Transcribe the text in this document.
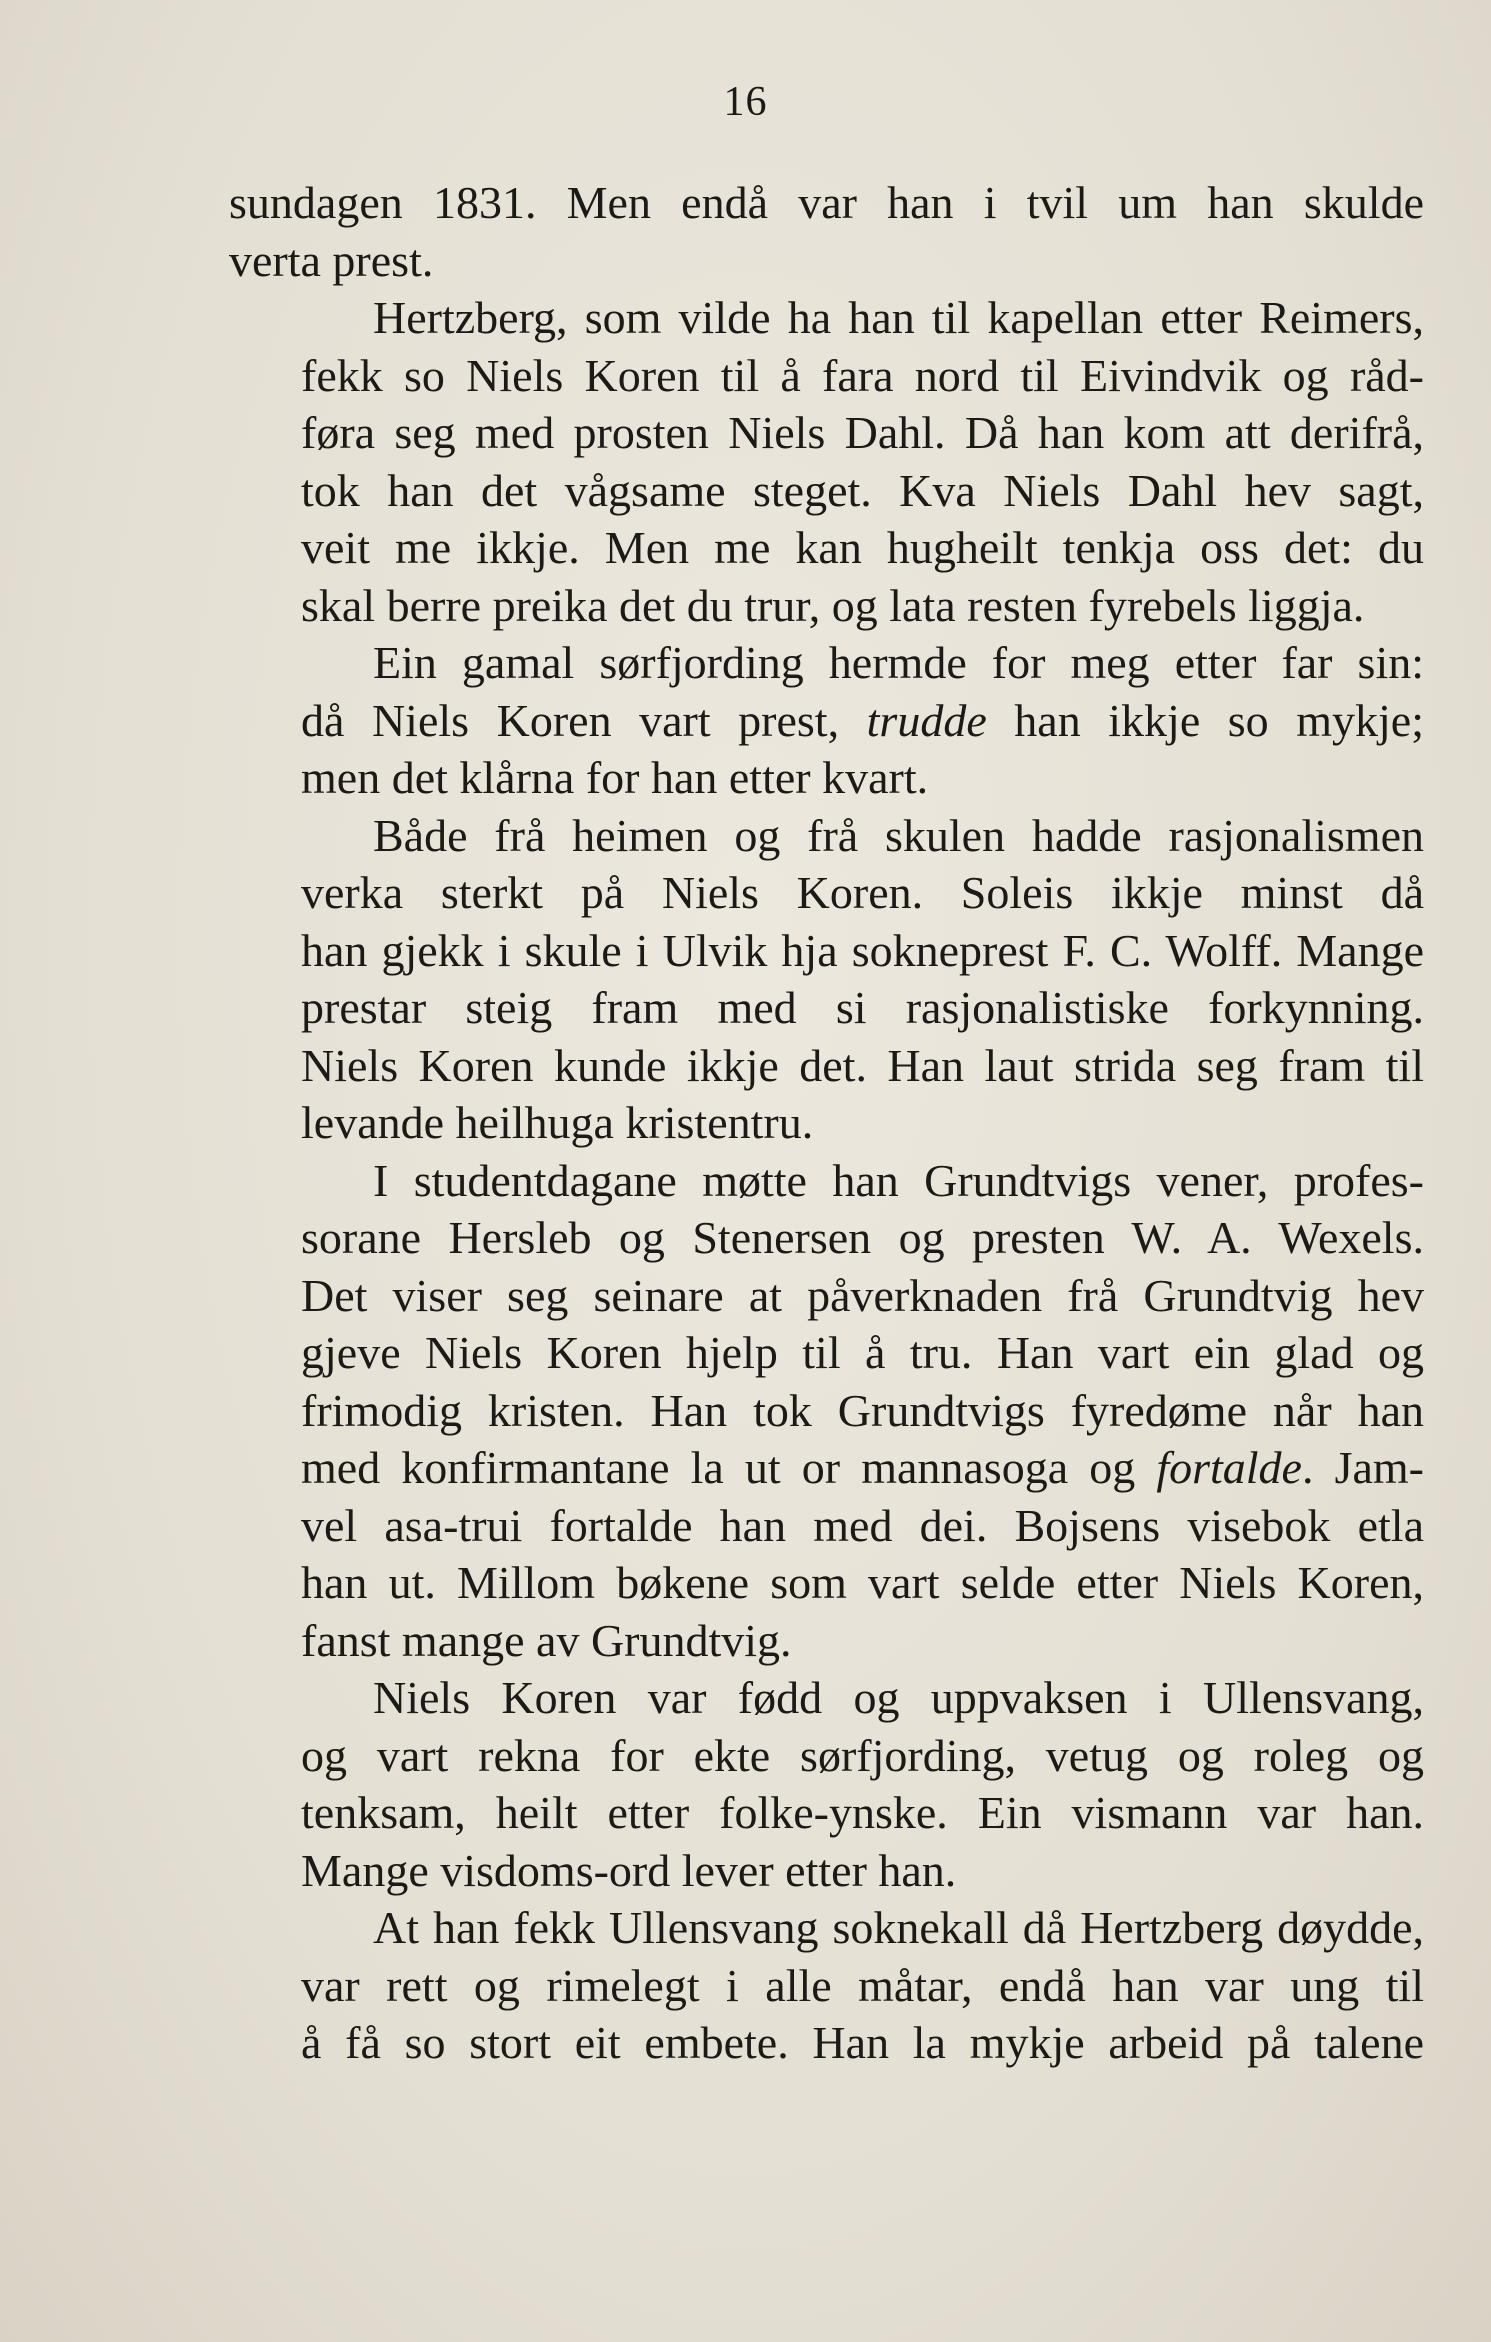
16

sundagen 1831. Men endå var han i tvil um han skulde
verta prest.

Hertzberg, som vilde ha han til kapellan etter Reimers,
fekk so Niels Koren til å fara nord til Eivindvik og råd-
føra seg med prosten Niels Dahl. Då han kom att derifrå,
tok han det vågsame steget. Kva Niels Dahl hev sagt,
veit me ikkje. Men me kan hugheilt tenkja oss det: du
skal berre preika det du trur, og lata resten fyrebels liggja.

Ein gamal sørfjording hermde for meg etter far sin:
då Niels Koren vart prest, trudde han ikkje so mykje;
men det klårna for han etter kvart.

Både frå heimen og frå skulen hadde rasjonalismen
verka sterkt på Niels Koren. Soleis ikkje minst då
han gjekk i skule i Ulvik hja sokneprest F. C. Wolff. Mange
prestar steig fram med si rasjonalistiske forkynning.
Niels Koren kunde ikkje det. Han laut strida seg fram til
levande heilhuga kristentru.

I studentdagane møtte han Grundtvigs vener, profes-
sorane Hersleb og Stenersen og presten W. A. Wexels.
Det viser seg seinare at påverknaden frå Grundtvig hev
gjeve Niels Koren hjelp til å tru. Han vart ein glad og
frimodig kristen. Han tok Grundtvigs fyredøme når han
med konfirmantane la ut or mannasoga og fortalde. Jam-
vel asa-trui fortalde han med dei. Bojsens visebok etla
han ut. Millom bøkene som vart selde etter Niels Koren,
fanst mange av Grundtvig.

Niels Koren var fødd og uppvaksen i Ullensvang,
og vart rekna for ekte sørfjording, vetug og roleg og
tenksam, heilt etter folke-ynske. Ein vismann var han.
Mange visdoms-ord lever etter han.

At han fekk Ullensvang soknekall då Hertzberg døydde,
var rett og rimelegt i alle måtar, endå han var ung til
å få so stort eit embete. Han la mykje arbeid på talene
